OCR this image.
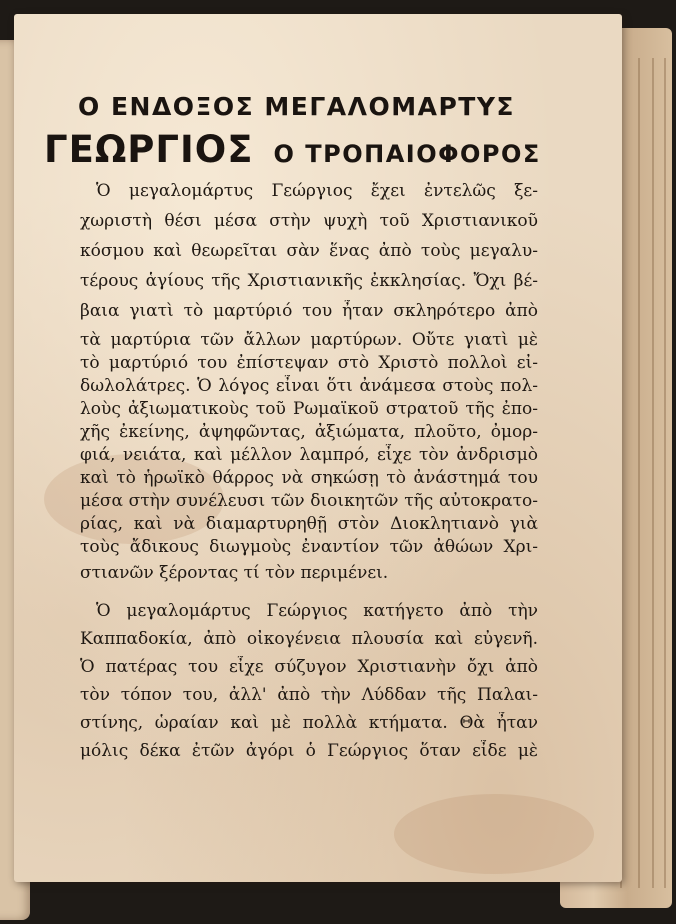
Ο ΕΝΔΟΞΟΣ ΜΕΓΑΛΟΜΑΡΤΥΣ
ΓΕΩΡΓΙΟΣ Ο ΤΡΟΠΑΙΟΦΟΡΟΣ
Ὁ μεγαλομάρτυς Γεώργιος ἔχει ἐντελῶς ξε-
χωριστὴ θέσι μέσα στὴν ψυχὴ τοῦ Χριστιανικοῦ
κόσμου καὶ θεωρεῖται σὰν ἕνας ἀπὸ τοὺς μεγαλυ-
τέρους ἁγίους τῆς Χριστιανικῆς ἐκκλησίας. Ὄχι βέ-
βαια γιατὶ τὸ μαρτύριό του ἦταν σκληρότερο ἀπὸ
τὰ μαρτύρια τῶν ἄλλων μαρτύρων. Οὔτε γιατὶ μὲ
τὸ μαρτύριό του ἐπίστεψαν στὸ Χριστὸ πολλοὶ εἰ-
δωλολάτρες. Ὁ λόγος εἶναι ὅτι ἀνάμεσα στοὺς πολ-
λοὺς ἀξιωματικοὺς τοῦ Ρωμαϊκοῦ στρατοῦ τῆς ἐπο-
χῆς ἐκείνης, ἀψηφῶντας, ἀξιώματα, πλοῦτο, ὀμορ-
φιά, νειάτα, καὶ μέλλον λαμπρό, εἶχε τὸν ἀνδρισμὸ
καὶ τὸ ἡρωϊκὸ θάρρος νὰ σηκώσῃ τὸ ἀνάστημά του
μέσα στὴν συνέλευσι τῶν διοικητῶν τῆς αὐτοκρατο-
ρίας, καὶ νὰ διαμαρτυρηθῇ στὸν Διοκλητιανὸ γιὰ
τοὺς ἄδικους διωγμοὺς ἐναντίον τῶν ἀθώων Χρι-
στιανῶν ξέροντας τί τὸν περιμένει.
Ὁ μεγαλομάρτυς Γεώργιος κατήγετο ἀπὸ τὴν
Καππαδοκία, ἀπὸ οἰκογένεια πλουσία καὶ εὐγενῆ.
Ὁ πατέρας του εἶχε σύζυγον Χριστιανὴν ὄχι ἀπὸ
τὸν τόπον του, ἀλλ' ἀπὸ τὴν Λύδδαν τῆς Παλαι-
στίνης, ὡραίαν καὶ μὲ πολλὰ κτήματα. Θὰ ἦταν
μόλις δέκα ἐτῶν ἀγόρι ὁ Γεώργιος ὅταν εἶδε μὲ
